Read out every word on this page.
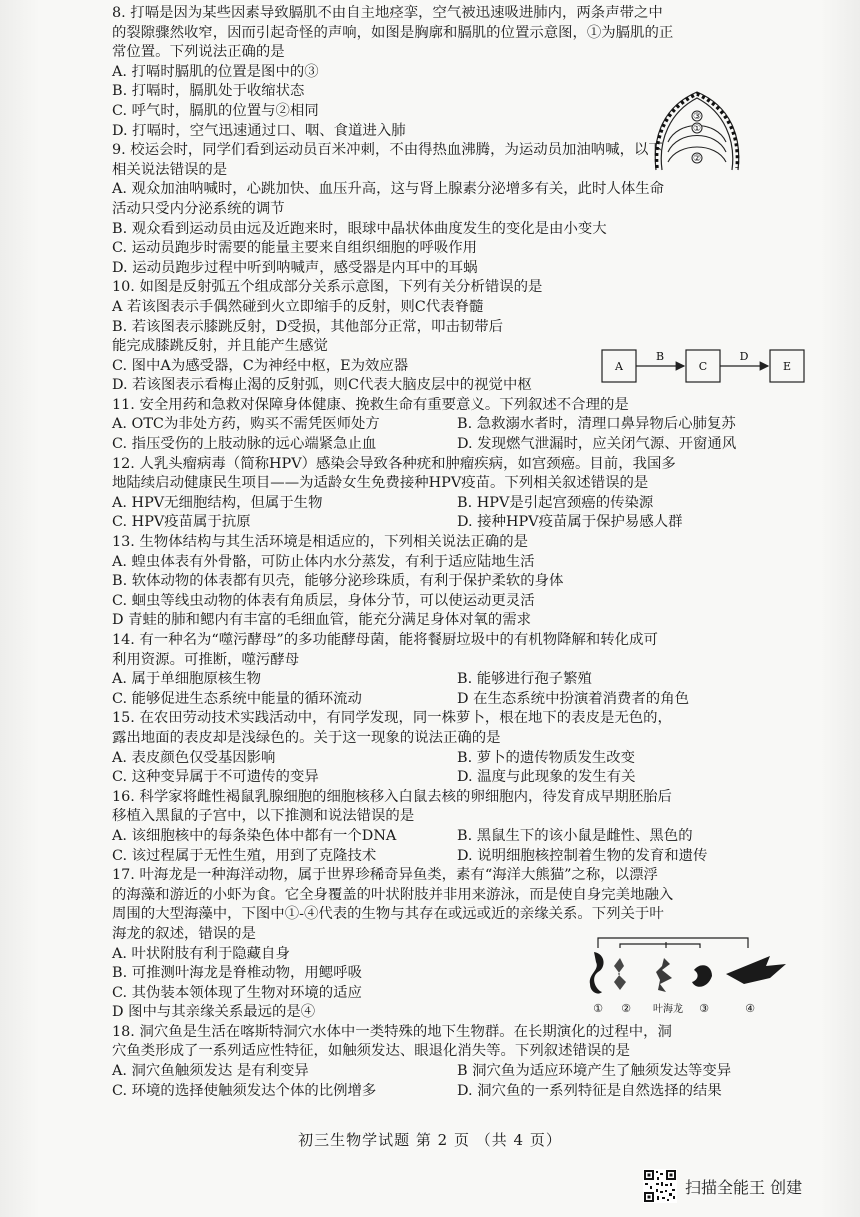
8. 打嗝是因为某些因素导致膈肌不由自主地痉挛，空气被迅速吸进肺内，两条声带之中
的裂隙骤然收窄，因而引起奇怪的声响，如图是胸廓和膈肌的位置示意图，①为膈肌的正
常位置。下列说法正确的是
A. 打嗝时膈肌的位置是图中的③
B. 打嗝时，膈肌处于收缩状态
C. 呼气时，膈肌的位置与②相同
D. 打嗝时，空气迅速通过口、咽、食道进入肺
9. 校运会时，同学们看到运动员百米冲刺，不由得热血沸腾，为运动员加油呐喊，以下
相关说法错误的是
A. 观众加油呐喊时，心跳加快、血压升高，这与肾上腺素分泌增多有关，此时人体生命
活动只受内分泌系统的调节
B. 观众看到运动员由远及近跑来时，眼球中晶状体曲度发生的变化是由小变大
C. 运动员跑步时需要的能量主要来自组织细胞的呼吸作用
D. 运动员跑步过程中听到呐喊声，感受器是内耳中的耳蜗
10. 如图是反射弧五个组成部分关系示意图，下列有关分析错误的是
A 若该图表示手偶然碰到火立即缩手的反射，则C代表脊髓
B. 若该图表示膝跳反射，D受损，其他部分正常，叩击韧带后
能完成膝跳反射，并且能产生感觉
C. 图中A为感受器，C为神经中枢，E为效应器
D. 若该图表示看梅止渴的反射弧，则C代表大脑皮层中的视觉中枢
11. 安全用药和急救对保障身体健康、挽救生命有重要意义。下列叙述不合理的是
A. OTC为非处方药，购买不需凭医师处方	B. 急救溺水者时，清理口鼻异物后心肺复苏
C. 指压受伤的上肢动脉的远心端紧急止血	D. 发现燃气泄漏时，应关闭气源、开窗通风
12. 人乳头瘤病毒（简称HPV）感染会导致各种疣和肿瘤疾病，如宫颈癌。目前，我国多
地陆续启动健康民生项目——为适龄女生免费接种HPV疫苗。下列相关叙述错误的是
A. HPV无细胞结构，但属于生物	B. HPV是引起宫颈癌的传染源
C. HPV疫苗属于抗原	D. 接种HPV疫苗属于保护易感人群
13. 生物体结构与其生活环境是相适应的，下列相关说法正确的是
A. 蝗虫体表有外骨骼，可防止体内水分蒸发，有利于适应陆地生活
B. 软体动物的体表都有贝壳，能够分泌珍珠质，有利于保护柔软的身体
C. 蛔虫等线虫动物的体表有角质层，身体分节，可以使运动更灵活
D 青蛙的肺和鳃内有丰富的毛细血管，能充分满足身体对氧的需求
14. 有一种名为“噬污酵母”的多功能酵母菌，能将餐厨垃圾中的有机物降解和转化成可
利用资源。可推断，噬污酵母
A. 属于单细胞原核生物	B. 能够进行孢子繁殖
C. 能够促进生态系统中能量的循环流动	D 在生态系统中扮演着消费者的角色
15. 在农田劳动技术实践活动中，有同学发现，同一株萝卜，根在地下的表皮是无色的，
露出地面的表皮却是浅绿色的。关于这一现象的说法正确的是
A. 表皮颜色仅受基因影响	B. 萝卜的遗传物质发生改变
C. 这种变异属于不可遗传的变异	D. 温度与此现象的发生有关
16. 科学家将雌性褐鼠乳腺细胞的细胞核移入白鼠去核的卵细胞内，待发育成早期胚胎后
移植入黑鼠的子宫中，以下推测和说法错误的是
A. 该细胞核中的每条染色体中都有一个DNA	B. 黑鼠生下的该小鼠是雌性、黑色的
C. 该过程属于无性生殖，用到了克隆技术	D. 说明细胞核控制着生物的发育和遗传
17. 叶海龙是一种海洋动物，属于世界珍稀奇异鱼类，素有“海洋大熊猫”之称，以漂浮
的海藻和游近的小虾为食。它全身覆盖的叶状附肢并非用来游泳，而是使自身完美地融入
周围的大型海藻中，下图中①-④代表的生物与其存在或远或近的亲缘关系。下列关于叶
海龙的叙述，错误的是
A. 叶状附肢有利于隐藏自身
B. 可推测叶海龙是脊椎动物，用鳃呼吸
C. 其伪装本领体现了生物对环境的适应
D 图中与其亲缘关系最远的是④
18. 洞穴鱼是生活在喀斯特洞穴水体中一类特殊的地下生物群。在长期演化的过程中，洞
穴鱼类形成了一系列适应性特征，如触须发达、眼退化消失等。下列叙述错误的是
A. 洞穴鱼触须发达 是有利变异	B 洞穴鱼为适应环境产生了触须发达等变异
C. 环境的选择使触须发达个体的比例增多	D. 洞穴鱼的一系列特征是自然选择的结果
③
①
②
A	C	E
B	D
① ② 叶海龙 ③	④
初三生物学试题 第 2 页 （共 4 页）
扫描全能王 创建
